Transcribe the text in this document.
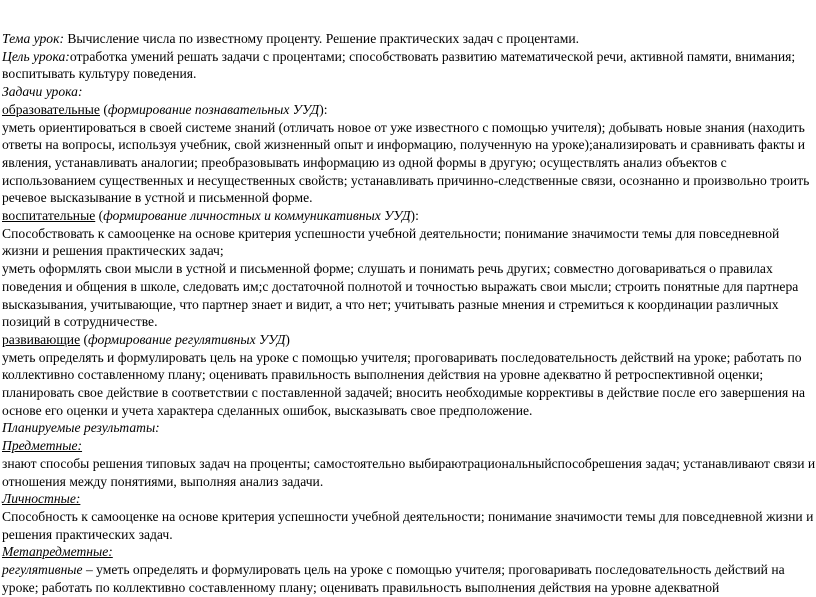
Тема урок: Вычисление числа по известному проценту. Решение практических задач с процентами.

Цель урока:отработка умений решать задачи с процентами; способствовать развитию математической речи, активной памяти, внимания; воспитывать культуру поведения.

Задачи урока:

образовательные (формирование познавательных УУД):

уметь ориентироваться в своей системе знаний (отличать новое от уже известного с помощью учителя); добывать новые знания (находить ответы на вопросы, используя учебник, свой жизненный опыт и информацию, полученную на уроке);анализировать и сравнивать факты и явления, устанавливать аналогии; преобразовывать информацию из одной формы в другую; осуществлять анализ объектов с использованием существенных и несущественных свойств; устанавливать причинно-следственные связи, осознанно и произвольно троить речевое высказывание в устной и письменной форме.

воспитательные (формирование личностных и коммуникативных УУД):

Способствовать к самооценке на основе критерия успешности учебной деятельности; понимание значимости темы для повседневной жизни и решения практических задач;

уметь оформлять свои мысли в устной и письменной форме; слушать и понимать речь других; совместно договариваться о правилах поведения и общения в школе, следовать им;с достаточной полнотой и точностью выражать свои мысли; строить понятные для партнера высказывания, учитывающие, что партнер знает и видит, а что нет; учитывать разные мнения и стремиться к координации различных позиций в сотрудничестве.

развивающие (формирование регулятивных УУД)

уметь определять и формулировать цель на уроке с помощью учителя; проговаривать последовательность действий на уроке; работать по коллективно составленному плану; оценивать правильность выполнения действия на уровне адекватно й ретроспективной оценки; планировать свое действие в соответствии с поставленной задачей; вносить необходимые коррективы в действие после его завершения на основе его оценки и учета характера сделанных ошибок, высказывать свое предположение.

Планируемые результаты:

Предметные:

знают способы решения типовых задач на проценты; самостоятельно выбираютрациональныйспособрешения задач; устанавливают связи и отношения между понятиями, выполняя анализ задачи.

Личностные:

Способность к самооценке на основе критерия успешности учебной деятельности; понимание значимости темы для повседневной жизни и решения практических задач.

Метапредметные:

регулятивные – уметь определять и формулировать цель на уроке с помощью учителя; проговаривать последовательность действий на уроке; работать по коллективно составленному плану; оценивать правильность выполнения действия на уровне адекватной
